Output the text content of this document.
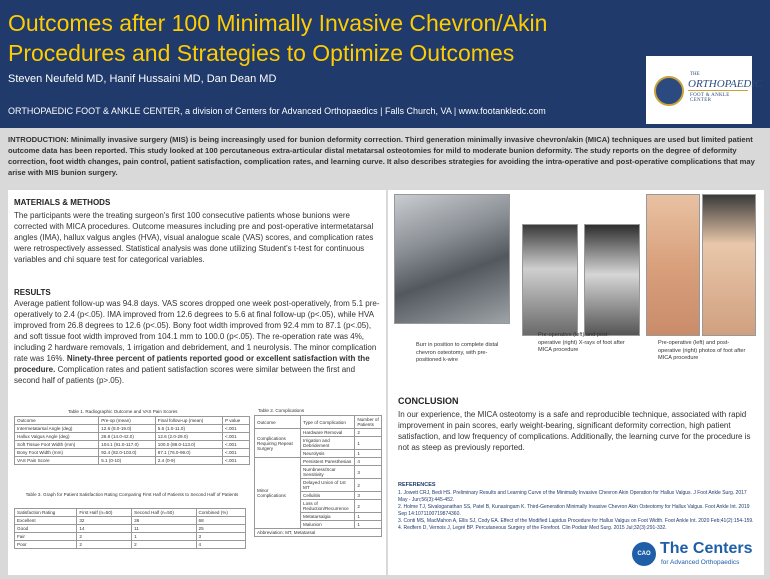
Outcomes after 100 Minimally Invasive Chevron/Akin Procedures and Strategies to Optimize Outcomes
Steven Neufeld MD, Hanif Hussaini MD, Dan Dean MD
ORTHOPAEDIC FOOT & ANKLE CENTER, a division of Centers for Advanced Orthopaedics | Falls Church, VA | www.footankledc.com
THE
ORTHOPAEDIC
FOOT & ANKLE CENTER
INTRODUCTION: Minimally invasive surgery (MIS) is being increasingly used for bunion deformity correction. Third generation minimally invasive chevron/akin (MICA) techniques are used but limited patient outcome data has been reported. This study looked at 100 percutaneous extra-articular distal metatarsal osteotomies for mild to moderate bunion deformity. The study reports on the degree of deformity correction, foot width changes, pain control, patient satisfaction, complication rates, and learning curve. It also describes strategies for avoiding the intra-operative and post-operative complications that may arise with MIS bunion surgery.
MATERIALS & METHODS
The participants were the treating surgeon's first 100 consecutive patients whose bunions were corrected with MICA procedures. Outcome measures including pre and post-operative intermetatarsal angles (IMA), hallux valgus angles (HVA), visual analogue scale (VAS) scores, and complication rates were retrospectively assessed. Statistical analysis was done utilizing Student's t-test for continuous variables and chi square test for categorical variables.
RESULTS
Average patient follow-up was 94.8 days. VAS scores dropped one week post-operatively, from 5.1 pre-operatively to 2.4 (p<.05). IMA improved from 12.6 degrees to 5.6 at final follow-up (p<.05), while HVA improved from 26.8 degrees to 12.6 (p<.05). Bony foot width improved from 92.4 mm to 87.1 (p<.05), and soft tissue foot width improved from 104.1 mm to 100.0 (p<.05). The re-operation rate was 4%, including 2 hardware removals, 1 irrigation and debridement, and 1 neurolysis. The minor complication rate was 16%. Ninety-three percent of patients reported good or excellent satisfaction with the procedure. Complication rates and patient satisfaction scores were similar between the first and second half of patients (p>.05).
Table 1. Radiographic Outcome and VAS Pain Scores
Outcome	Pre-op (mean)	Final follow-up (mean)	P value
Intermetatarsal Angle (deg)	12.6 (8.0-19.0)	5.6 (1.0-11.0)	<.001
Hallux Valgus Angle (deg)	26.8 (14.0-42.0)	12.6 (2.0-29.0)	<.001
Soft Tissue Foot Width (mm)	104.1 (91.0-117.0)	100.0 (88.0-113.0)	<.001
Bony Foot Width (mm)	92.4 (82.0-103.0)	87.1 (76.0-99.0)	<.001
VAS Pain Score	5.1 (0-10)	2.4 (0-9)	<.001
Table 3. Graph for Patient Satisfaction Rating Comparing First Half of Patients to Second Half of Patients
Satisfaction Rating	First Half (n=50)	Second Half (n=50)	Combined (%)
Excellent	32	36	68
Good	14	11	25
Fair	2	1	3
Poor	2	2	4
Table 2. Complications
Outcome	Type of Complication	Number of Patients
Complications Requiring Repeat Surgery	Hardware Removal	2
	Irrigation and Debridement	1
	Neurolysis	1
Minor Complications	Persistent Paresthesias	4
	Numbness/Scar Sensitivity	3
	Delayed Union of 1st MT	2
	Cellulitis	3
	Loss of Reduction/Recurrence	2
	Metatarsalgia	1
	Malunion	1
Abbreviation: MT, Metatarsal		
Burr in position to complete distal chevron osteotomy, with pre-positioned k-wire
Pre-operative (left) and post-operative (right) X-rays of foot after MICA procedure
Pre-operative (left) and post-operative (right) photos of foot after MICA procedure
CONCLUSION
In our experience, the MICA osteotomy is a safe and reproducible technique, associated with rapid improvement in pain scores, early weight-bearing, significant deformity correction, high patient satisfaction, and low frequency of complications. Additionally, the learning curve for the procedure is not as steep as previously reported.
REFERENCES
1. Jowett CRJ, Bedi HS. Preliminary Results and Learning Curve of the Minimally Invasive Chevron Akin Operation for Hallux Valgus. J Foot Ankle Surg. 2017 May - Jun;56(3):445-452.
2. Holme TJ, Sivaloganathan SS, Patel B, Kunasingam K. Third-Generation Minimally Invasive Chevron Akin Osteotomy for Hallux Valgus. Foot Ankle Int. 2019 Sep 14:1071100719874360.
3. Conti MS, MacMahon A, Ellis SJ, Cody EA. Effect of the Modified Lapidus Procedure for Hallux Valgus on Foot Width. Foot Ankle Int. 2020 Feb;41(2):154-159.
4. Redfern D, Vernois J, Legré BP. Percutaneous Surgery of the Forefoot. Clin Podiatr Med Surg. 2015 Jul;32(3):291-332.
CAO The Centers
for Advanced Orthopaedics
